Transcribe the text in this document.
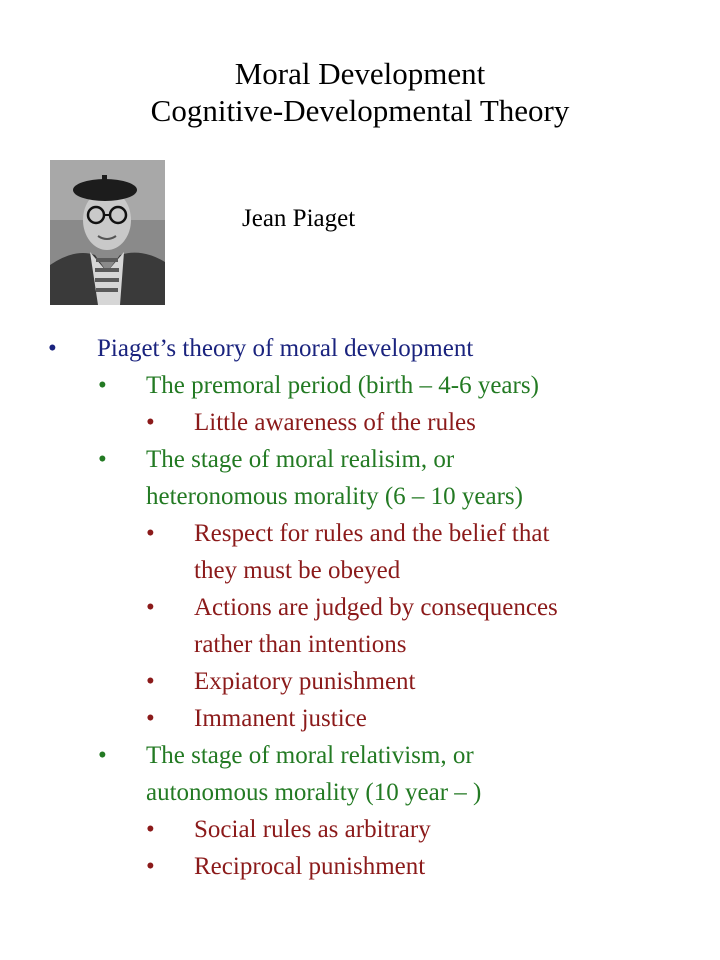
Moral Development
Cognitive-Developmental Theory
Jean Piaget
• Piaget’s theory of moral development
• The premoral period (birth – 4-6 years)
• Little awareness of the rules
• The stage of moral realisim, or
heteronomous morality (6 – 10 years)
• Respect for rules and the belief that
they must be obeyed
• Actions are judged by consequences
rather than intentions
• Expiatory punishment
• Immanent justice
• The stage of moral relativism, or
autonomous morality (10 year – )
• Social rules as arbitrary
• Reciprocal punishment
